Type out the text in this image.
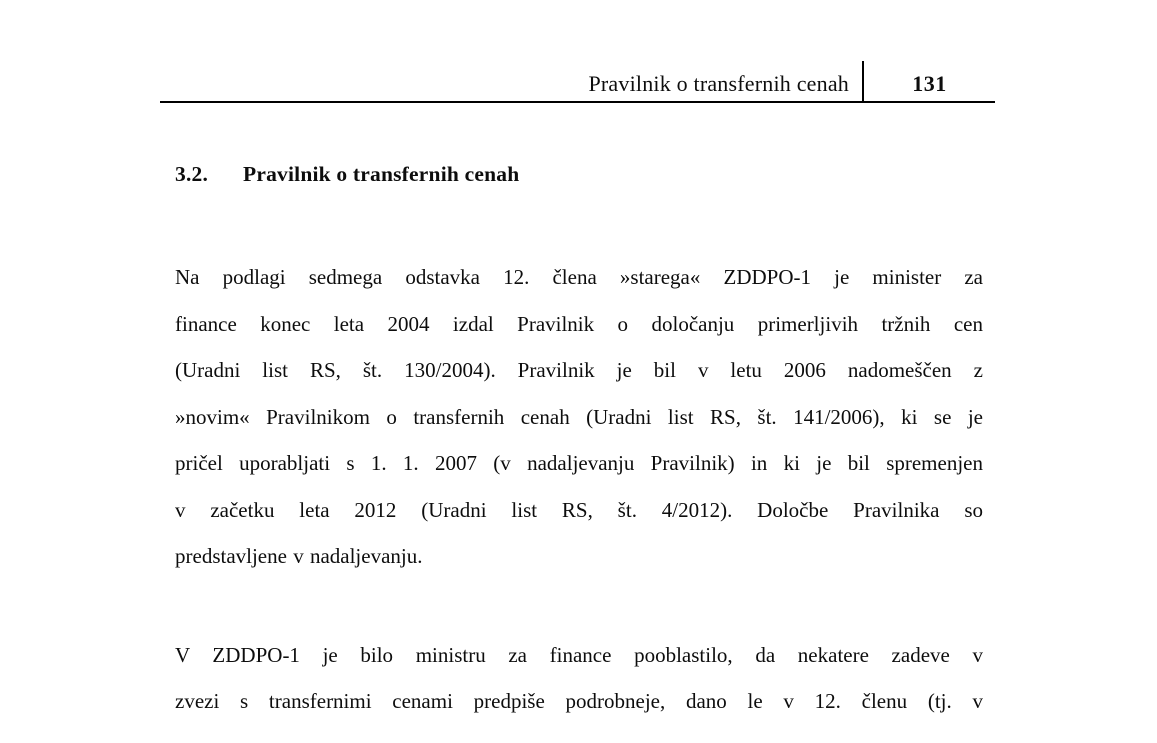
Pravilnik o transfernih cenah	131
3.2. Pravilnik o transfernih cenah
Na podlagi sedmega odstavka 12. člena »starega« ZDDPO-1 je minister za
finance konec leta 2004 izdal Pravilnik o določanju primerljivih tržnih cen
(Uradni list RS, št. 130/2004). Pravilnik je bil v letu 2006 nadomeščen z
»novim« Pravilnikom o transfernih cenah (Uradni list RS, št. 141/2006), ki se je
pričel uporabljati s 1. 1. 2007 (v nadaljevanju Pravilnik) in ki je bil spremenjen
v začetku leta 2012 (Uradni list RS, št. 4/2012). Določbe Pravilnika so
predstavljene v nadaljevanju.
V ZDDPO-1 je bilo ministru za finance pooblastilo, da nekatere zadeve v
zvezi s transfernimi cenami predpiše podrobneje, dano le v 12. členu (tj. v
